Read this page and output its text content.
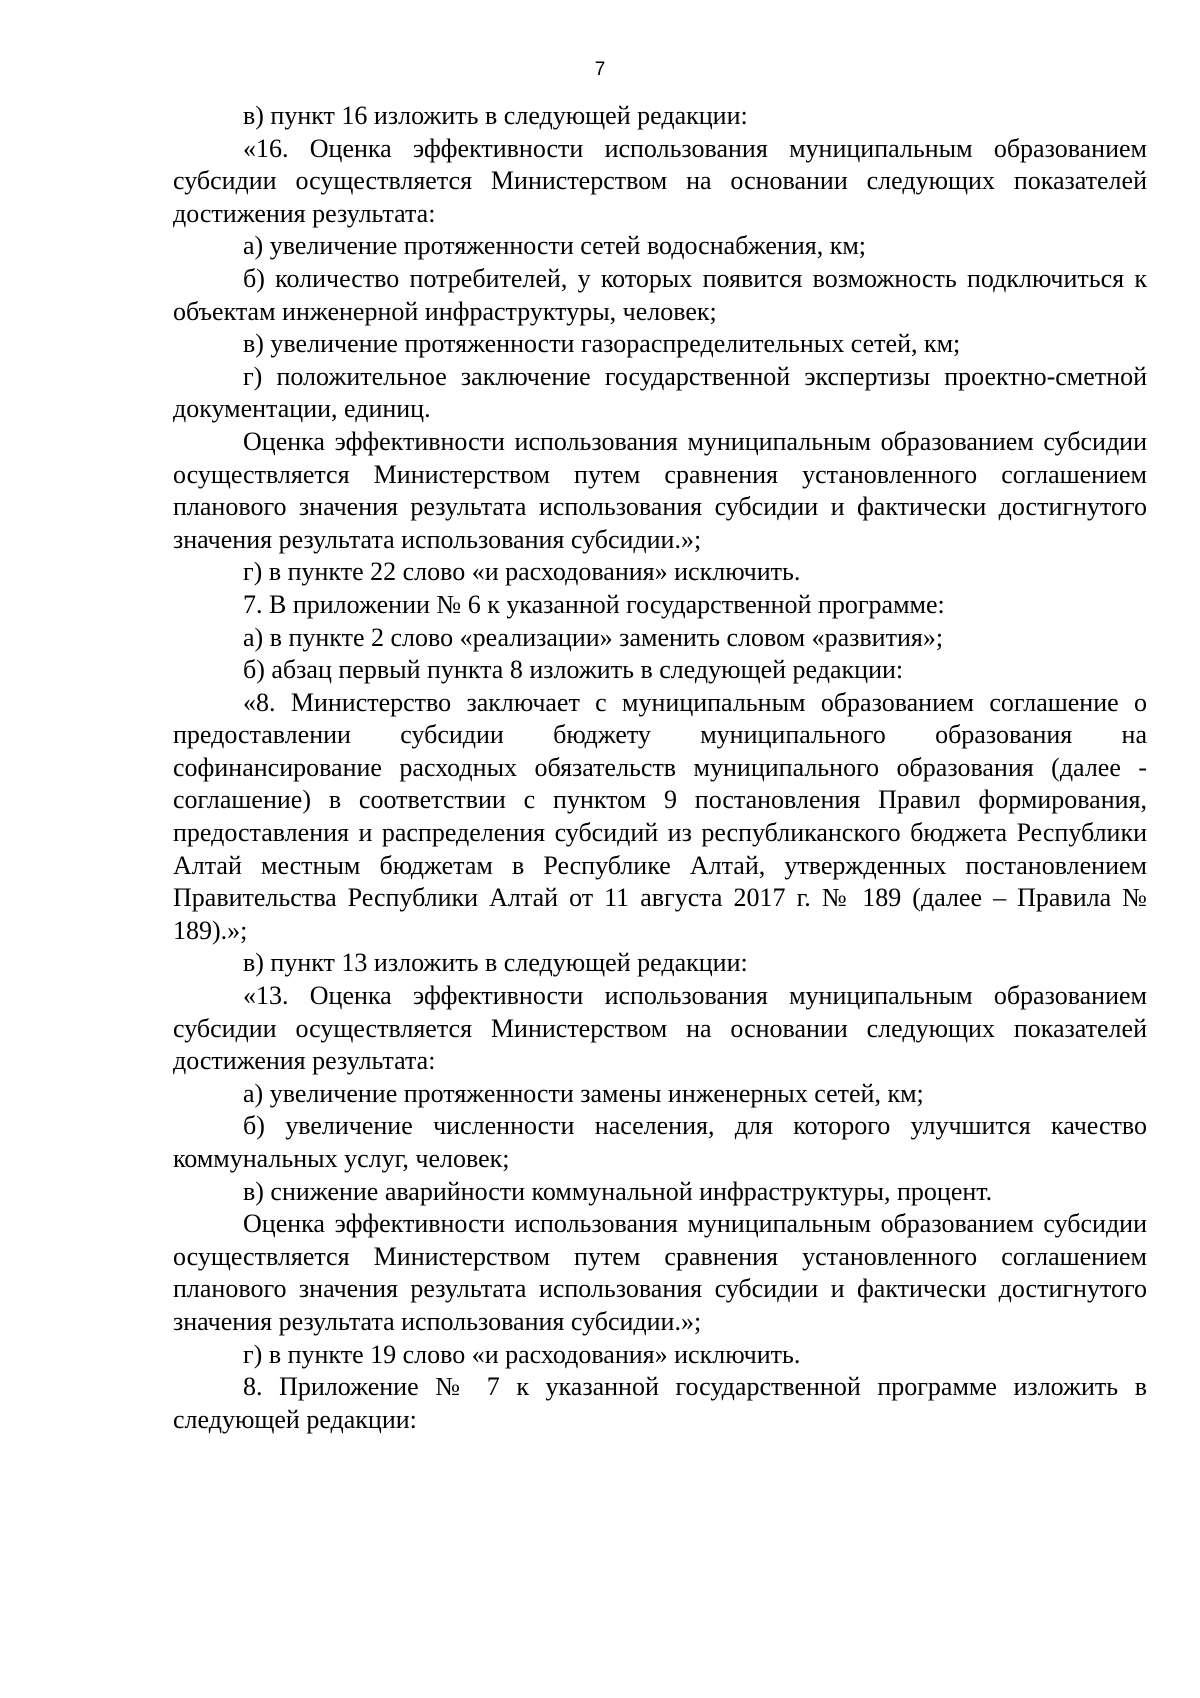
7

в) пункт 16 изложить в следующей редакции:

«16. Оценка эффективности использования муниципальным образованием субсидии осуществляется Министерством на основании следующих показателей достижения результата:

а) увеличение протяженности сетей водоснабжения, км;

б) количество потребителей, у которых появится возможность подключиться к объектам инженерной инфраструктуры, человек;

в) увеличение протяженности газораспределительных сетей, км;

г) положительное заключение государственной экспертизы проектно-сметной документации, единиц.

Оценка эффективности использования муниципальным образованием субсидии осуществляется Министерством путем сравнения установленного соглашением планового значения результата использования субсидии и фактически достигнутого значения результата использования субсидии.»;

г) в пункте 22 слово «и расходования» исключить.

7. В приложении № 6 к указанной государственной программе:

а) в пункте 2 слово «реализации» заменить словом «развития»;

б) абзац первый пункта 8 изложить в следующей редакции:

«8. Министерство заключает с муниципальным образованием соглашение о предоставлении субсидии бюджету муниципального образования на софинансирование расходных обязательств муниципального образования (далее - соглашение) в соответствии с пунктом 9 постановления Правил формирования, предоставления и распределения субсидий из республиканского бюджета Республики Алтай местным бюджетам в Республике Алтай, утвержденных постановлением Правительства Республики Алтай от 11 августа 2017 г. № 189 (далее – Правила № 189).»;

в) пункт 13 изложить в следующей редакции:

«13. Оценка эффективности использования муниципальным образованием субсидии осуществляется Министерством на основании следующих показателей достижения результата:

а) увеличение протяженности замены инженерных сетей, км;

б) увеличение численности населения, для которого улучшится качество коммунальных услуг, человек;

в) снижение аварийности коммунальной инфраструктуры, процент.

Оценка эффективности использования муниципальным образованием субсидии осуществляется Министерством путем сравнения установленного соглашением планового значения результата использования субсидии и фактически достигнутого значения результата использования субсидии.»;

г) в пункте 19 слово «и расходования» исключить.

8. Приложение № 7 к указанной государственной программе изложить в следующей редакции:
